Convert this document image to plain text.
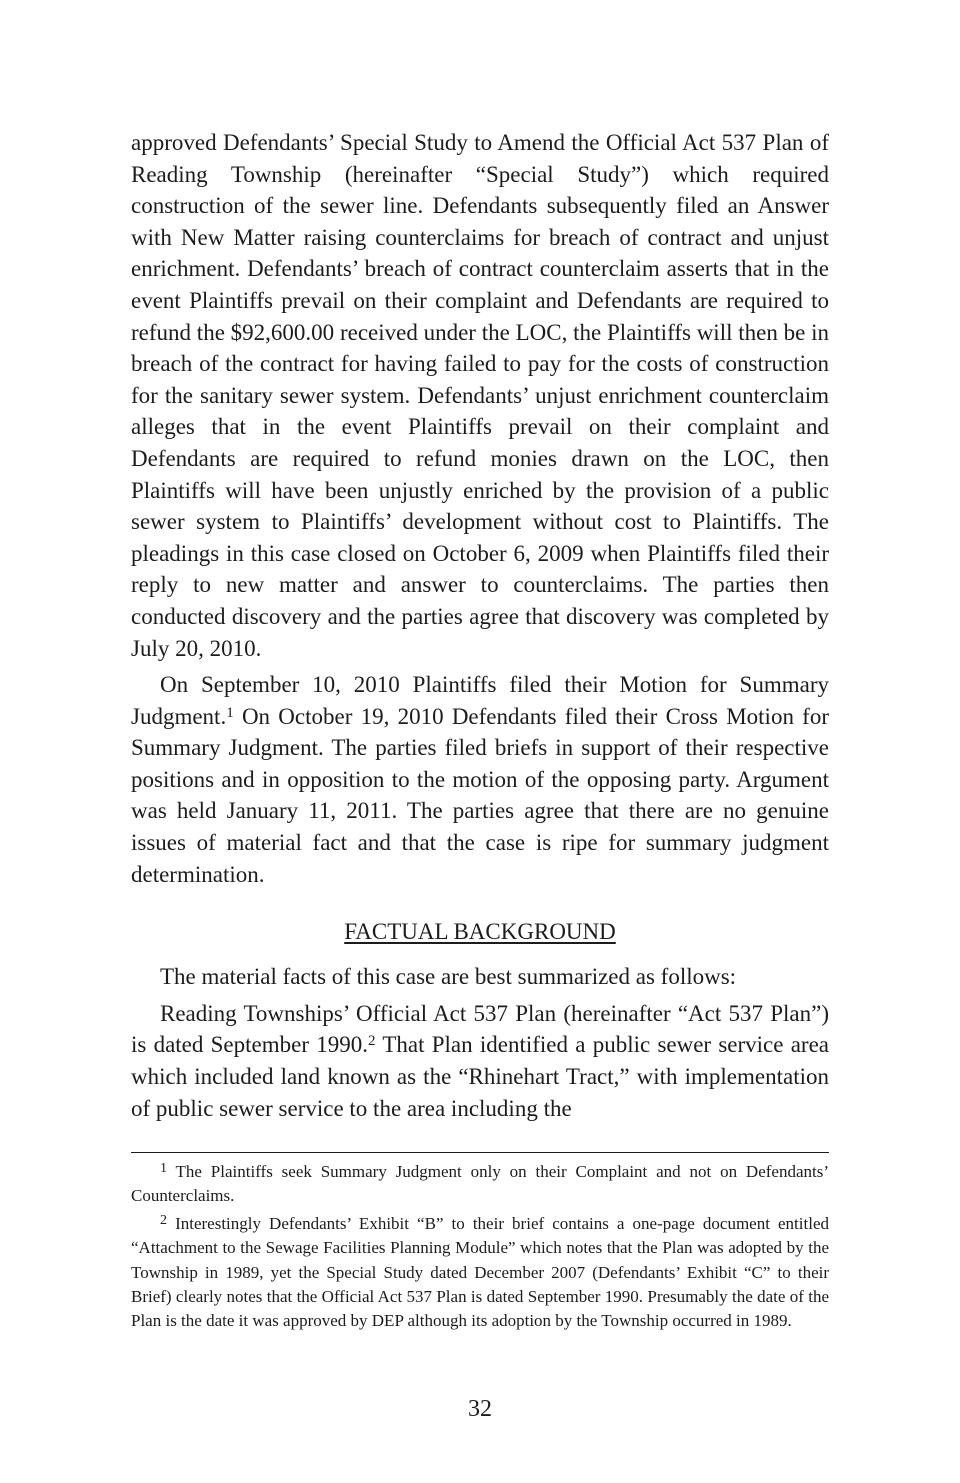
approved Defendants’ Special Study to Amend the Official Act 537 Plan of Reading Township (hereinafter “Special Study”) which required construction of the sewer line. Defendants subsequently filed an Answer with New Matter raising counterclaims for breach of contract and unjust enrichment. Defendants’ breach of contract counterclaim asserts that in the event Plaintiffs prevail on their complaint and Defendants are required to refund the $92,600.00 received under the LOC, the Plaintiffs will then be in breach of the contract for having failed to pay for the costs of construction for the sanitary sewer system. Defendants’ unjust enrichment counterclaim alleges that in the event Plaintiffs prevail on their complaint and Defendants are required to refund monies drawn on the LOC, then Plaintiffs will have been unjustly enriched by the provision of a public sewer system to Plaintiffs’ development without cost to Plaintiffs. The pleadings in this case closed on October 6, 2009 when Plaintiffs filed their reply to new matter and answer to counterclaims. The parties then conducted discovery and the parties agree that discovery was completed by July 20, 2010.

On September 10, 2010 Plaintiffs filed their Motion for Summary Judgment.$^1$ On October 19, 2010 Defendants filed their Cross Motion for Summary Judgment. The parties filed briefs in support of their respective positions and in opposition to the motion of the opposing party. Argument was held January 11, 2011. The parties agree that there are no genuine issues of material fact and that the case is ripe for summary judgment determination.

FACTUAL BACKGROUND

The material facts of this case are best summarized as follows:

Reading Townships’ Official Act 537 Plan (hereinafter “Act 537 Plan”) is dated September 1990.$^2$ That Plan identified a public sewer service area which included land known as the “Rhinehart Tract,” with implementation of public sewer service to the area including the

$^1$ The Plaintiffs seek Summary Judgment only on their Complaint and not on Defendants’ Counterclaims.

$^2$ Interestingly Defendants’ Exhibit “B” to their brief contains a one-page document entitled “Attachment to the Sewage Facilities Planning Module” which notes that the Plan was adopted by the Township in 1989, yet the Special Study dated December 2007 (Defendants’ Exhibit “C” to their Brief) clearly notes that the Official Act 537 Plan is dated September 1990. Presumably the date of the Plan is the date it was approved by DEP although its adoption by the Township occurred in 1989.

32
